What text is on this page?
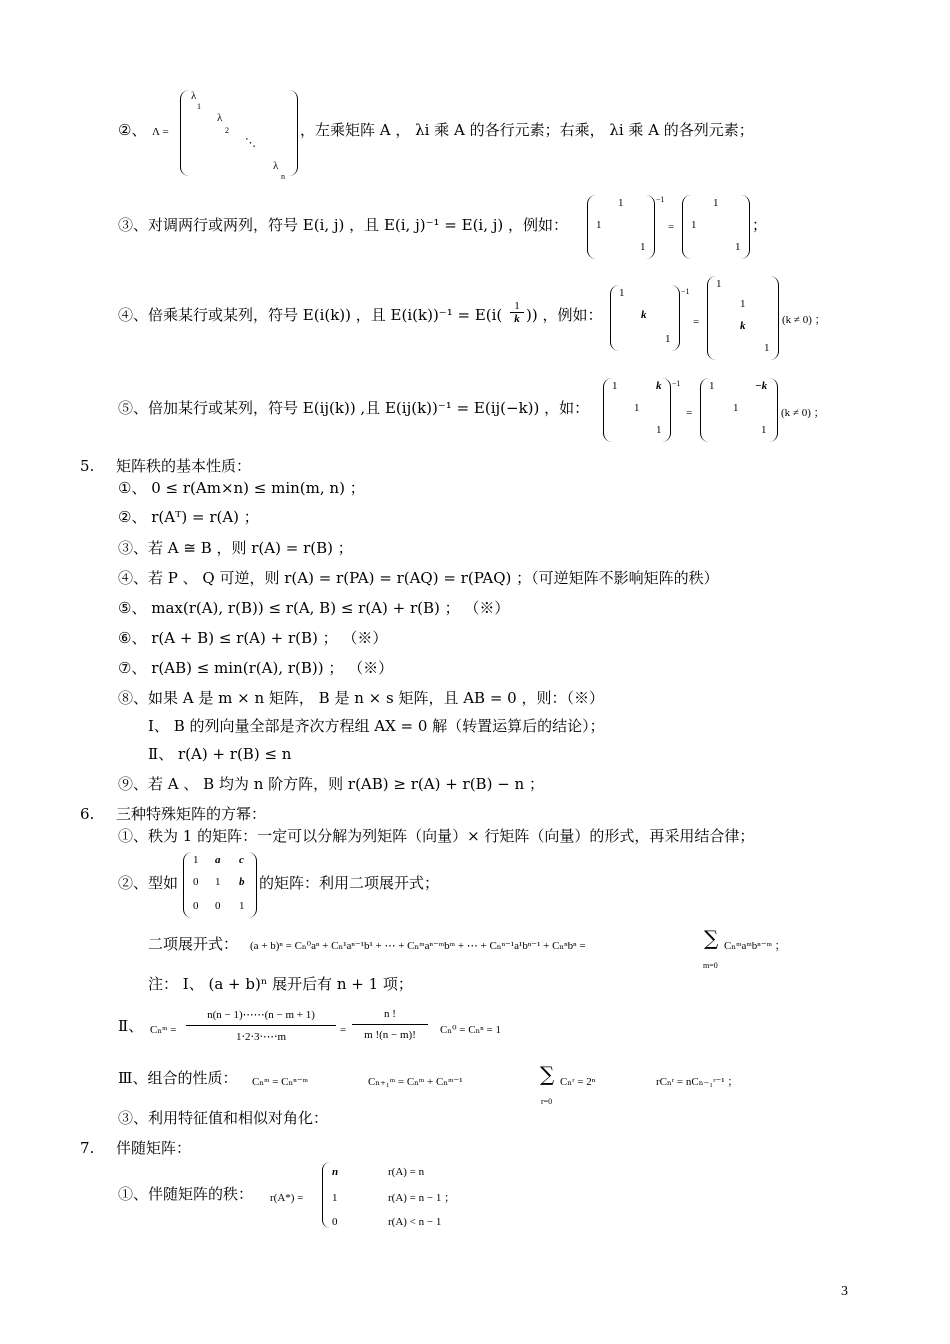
②、 Λ =
λ
1
λ
2
⋱
λ
n
，左乘矩阵 A ， λi 乘 A 的各行元素；右乘， λi 乘 A 的各列元素；
③、对调两行或两列，符号 E(i, j) ，且 E(i, j)⁻¹ = E(i, j) ，例如：
1
1
1
−1
=
1
1
1
；
④、倍乘某行或某列，符号 E(i(k)) ，且 $E(i(k))^{-1} = E(i( \frac{1}{k}$ )) ，例如：
1
k
1
−1
=
1
1
k
1
(k ≠ 0) ；
⑤、倍加某行或某列，符号 E(ij(k)) ,且 E(ij(k))⁻¹ = E(ij(−k)) ，如：
1	k
1
1
−1
=
1	−k
1
1
(k ≠ 0) ；
5. 矩阵秩的基本性质：
①、 0 ≤ r(Am×n) ≤ min(m, n) ；
②、 r(Aᵀ) = r(A) ；
③、若 A ≅ B ，则 r(A) = r(B) ；
④、若 P 、 Q 可逆，则 r(A) = r(PA) = r(AQ) = r(PAQ) ；（可逆矩阵不影响矩阵的秩）
⑤、 max(r(A), r(B)) ≤ r(A, B) ≤ r(A) + r(B) ； （※）
⑥、 r(A + B) ≤ r(A) + r(B) ； （※）
⑦、 r(AB) ≤ min(r(A), r(B)) ； （※）
⑧、如果 A 是 m × n 矩阵， B 是 n × s 矩阵，且 AB = 0 ，则：（※）
Ⅰ、 B 的列向量全部是齐次方程组 AX = 0 解（转置运算后的结论）；
Ⅱ、 r(A) + r(B) ≤ n
⑨、若 A 、 B 均为 n 阶方阵，则 r(AB) ≥ r(A) + r(B) − n ；
6. 三种特殊矩阵的方幂：
①、秩为 1 的矩阵：一定可以分解为列矩阵（向量）× 行矩阵（向量）的形式，再采用结合律；
②、型如
1 a c
0 1 b
0 0 1
的矩阵：利用二项展开式；
二项展开式： (a + b)ⁿ = Cₙ⁰aⁿ + Cₙ¹aⁿ⁻¹b¹ + ⋯ + Cₙᵐaⁿ⁻ᵐbᵐ + ⋯ + Cₙⁿ⁻¹a¹bⁿ⁻¹ + Cₙⁿbⁿ =	∑
m=0
Cₙᵐaᵐbⁿ⁻ᵐ ；
注： Ⅰ、 (a + b)ⁿ 展开后有 n + 1 项；
Ⅱ、 Cₙᵐ = $\frac{n(n - 1)\cdots\cdots(n - m + 1)}{1\cdot 2\cdot 3\cdot\cdots\cdot m} = \frac{n !}{m !(n - m)!} C_n^0 = C_n^n = 1$
Ⅲ、组合的性质： Cₙᵐ = Cₙⁿ⁻ᵐ	Cₙ₊₁ᵐ = Cₙᵐ + Cₙᵐ⁻¹	∑
r=0
Cₙʳ = 2ⁿ	rCₙʳ = nCₙ₋₁ʳ⁻¹ ；
③、利用特征值和相似对角化：
7. 伴随矩阵：
①、伴随矩阵的秩： r(A*) =
n
1
0
r(A) = n
r(A) = n − 1 ；
r(A) < n − 1
3
